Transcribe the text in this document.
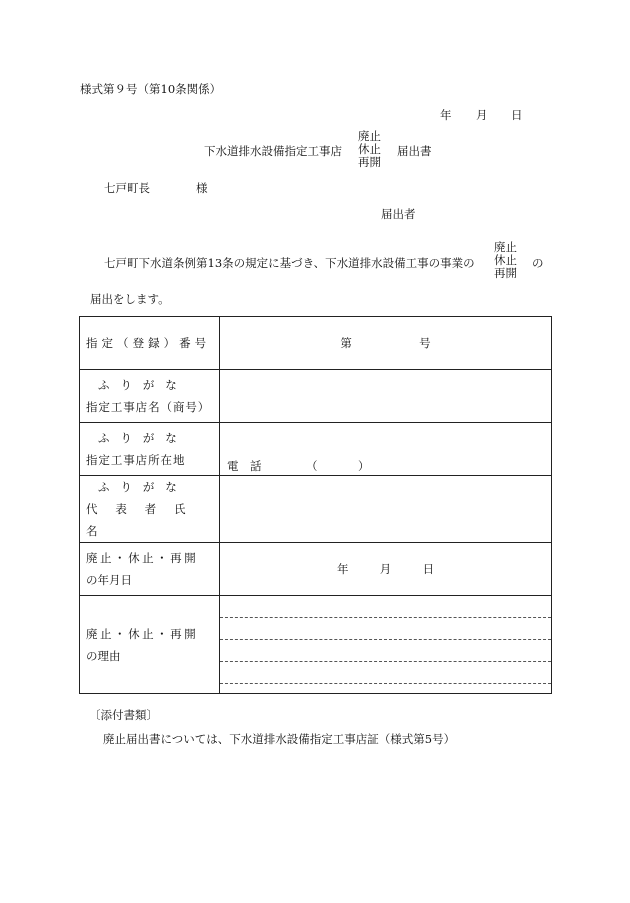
様式第９号（第10条関係）
年 月 日
下水道排水設備指定工事店
廃止
休止
再開
届出書
七戸町長	様
届出者
七戸町下水道条例第13条の規定に基づき、下水道排水設備工事の事業の
廃止
休止
再開
の
届出をします。
指定（登録）番号	第 号

ふりがな
指定工事店名（商号）	

ふりがな
指定工事店所在地	電　話 （ ）

ふりがな
代表者氏名	

廃止・休止・再開
の年月日	年 月 日

廃止・休止・再開
の理由	

〔添付書類〕
廃止届出書については、下水道排水設備指定工事店証（様式第5号）
